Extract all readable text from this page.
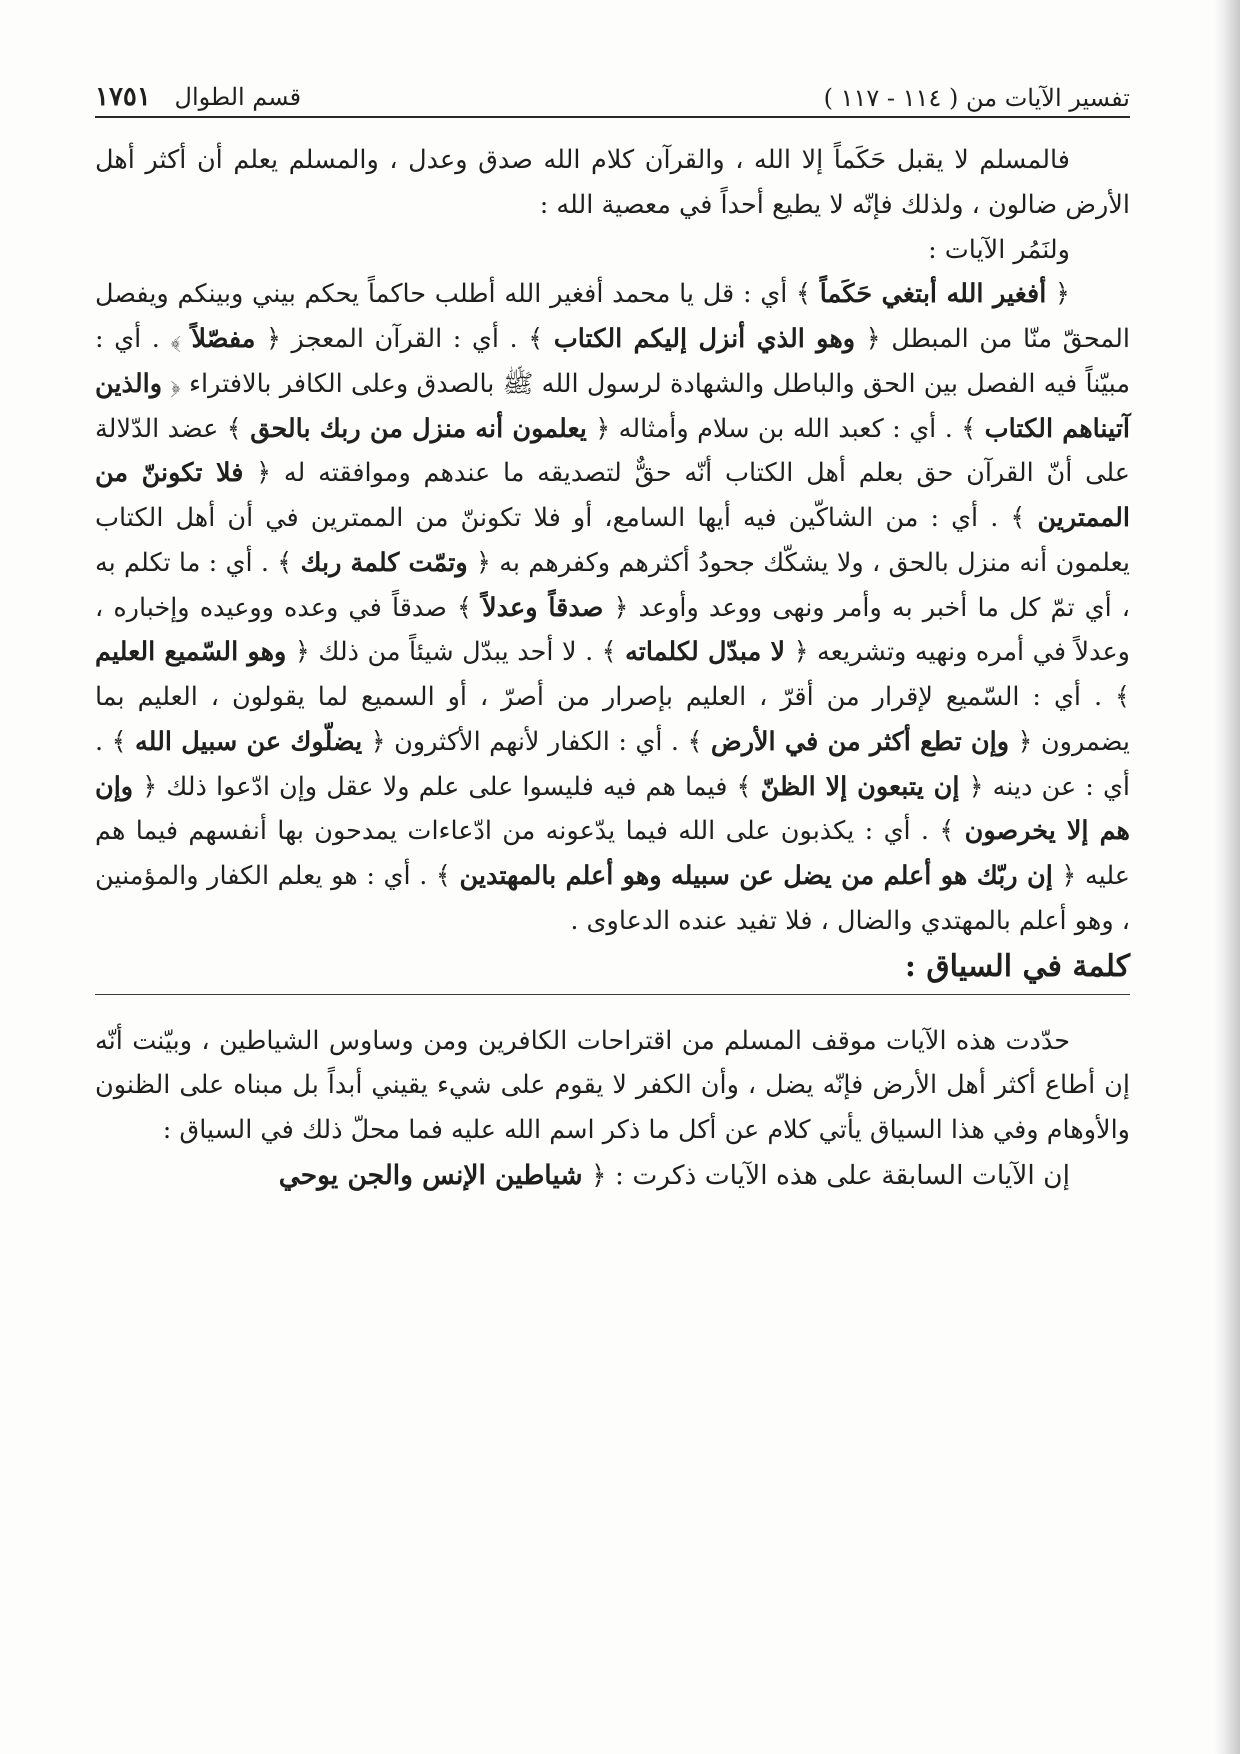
تفسير الآيات من ( ١١٤ - ١١٧ )
قسم الطوال ١٧٥١

فالمسلم لا يقبل حَكَماً إلا الله ، والقرآن كلام الله صدق وعدل ، والمسلم يعلم أن أكثر أهل الأرض ضالون ، ولذلك فإنّه لا يطيع أحداً في معصية الله :

ولنَمُر الآيات :

﴿ أفغير الله أبتغي حَكَماً ﴾ أي : قل يا محمد أفغير الله أطلب حاكماً يحكم بيني وبينكم ويفصل المحقّ منّا من المبطل ﴿ وهو الذي أنزل إليكم الكتاب ﴾ . أي : القرآن المعجز ﴿ مفصّلاً ﴾ . أي : مبيّناً فيه الفصل بين الحق والباطل والشهادة لرسول الله ﷺ بالصدق وعلى الكافر بالافتراء ﴿ والذين آتيناهم الكتاب ﴾ . أي : كعبد الله بن سلام وأمثاله ﴿ يعلمون أنه منزل من ربك بالحق ﴾ عضد الدّلالة على أنّ القرآن حق بعلم أهل الكتاب أنّه حقٌّ لتصديقه ما عندهم وموافقته له ﴿ فلا تكوننّ من الممترين ﴾ . أي : من الشاكّين فيه أيها السامع، أو فلا تكوننّ من الممترين في أن أهل الكتاب يعلمون أنه منزل بالحق ، ولا يشكّك جحودُ أكثرهم وكفرهم به ﴿ وتمّت كلمة ربك ﴾ . أي : ما تكلم به ، أي تمّ كل ما أخبر به وأمر ونهى ووعد وأوعد ﴿ صدقاً وعدلاً ﴾ صدقاً في وعده ووعيده وإخباره ، وعدلاً في أمره ونهيه وتشريعه ﴿ لا مبدّل لكلماته ﴾ . لا أحد يبدّل شيئاً من ذلك ﴿ وهو السّميع العليم ﴾ . أي : السّميع لإقرار من أقرّ ، العليم بإصرار من أصرّ ، أو السميع لما يقولون ، العليم بما يضمرون ﴿ وإن تطع أكثر من في الأرض ﴾ . أي : الكفار لأنهم الأكثرون ﴿ يضلّوك عن سبيل الله ﴾ . أي : عن دينه ﴿ إن يتبعون إلا الظنّ ﴾ فيما هم فيه فليسوا على علم ولا عقل وإن ادّعوا ذلك ﴿ وإن هم إلا يخرصون ﴾ . أي : يكذبون على الله فيما يدّعونه من ادّعاءات يمدحون بها أنفسهم فيما هم عليه ﴿ إن ربّك هو أعلم من يضل عن سبيله وهو أعلم بالمهتدين ﴾ . أي : هو يعلم الكفار والمؤمنين ، وهو أعلم بالمهتدي والضال ، فلا تفيد عنده الدعاوى .

كلمة في السياق :

حدّدت هذه الآيات موقف المسلم من اقتراحات الكافرين ومن وساوس الشياطين ، وبيّنت أنّه إن أطاع أكثر أهل الأرض فإنّه يضل ، وأن الكفر لا يقوم على شيء يقيني أبداً بل مبناه على الظنون والأوهام وفي هذا السياق يأتي كلام عن أكل ما ذكر اسم الله عليه فما محلّ ذلك في السياق :

إن الآيات السابقة على هذه الآيات ذكرت : ﴿ شياطين الإنس والجن يوحي
